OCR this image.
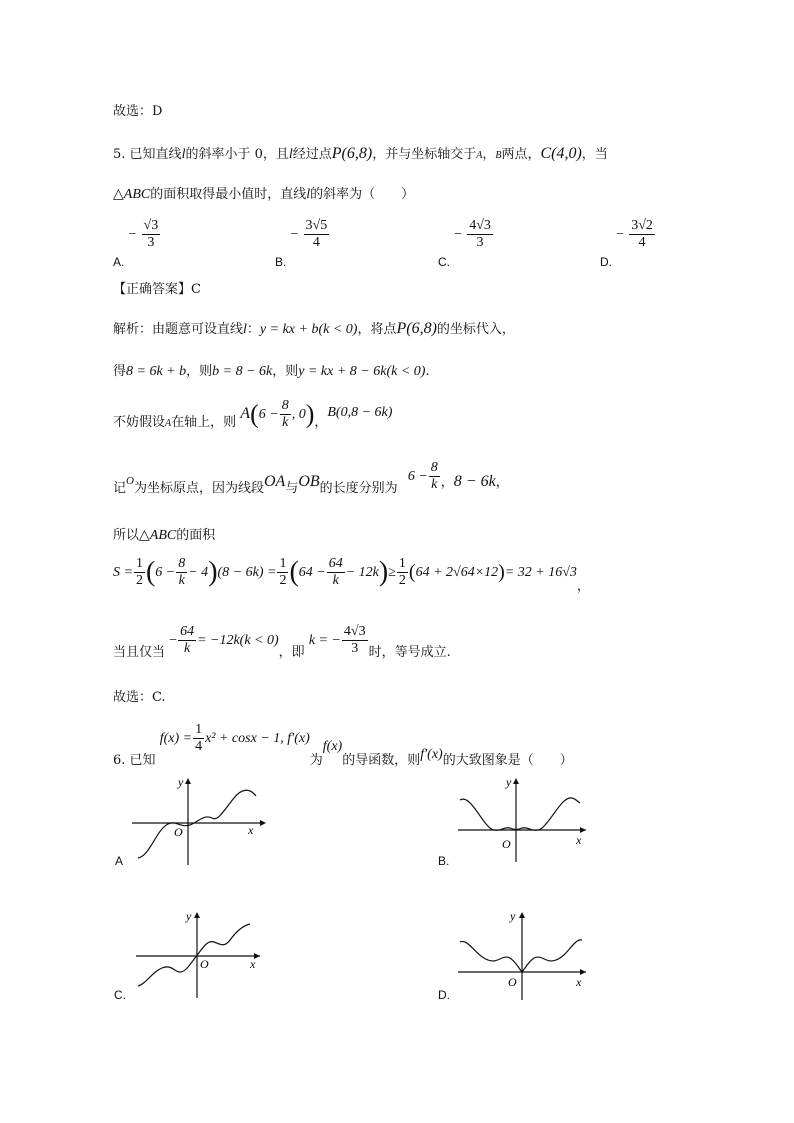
故选：D
5. 已知直线l的斜率小于 0，且l经过点P(6,8)，并与坐标轴交于A，B两点，C(4,0)，当
△ABC的面积取得最小值时，直线l的斜率为（　　）
A. − $\frac{√3}{3}$
B. − $\frac{3√5}{4}$
C. − $\frac{4√3}{3}$
D. − $\frac{3√2}{4}$
【正确答案】C
解析：由题意可设直线l：y = kx + b(k < 0)，将点P(6,8)的坐标代入，
得8 = 6k + b，则b = 8 − 6k，则y = kx + 8 − 6k(k < 0).
不妨假设$_A$在轴上，则 $A(6 - \frac{8}{k}$ , 0)，B(0,8 − 6k)
记$_O$为坐标原点，因为线段OA与OB的长度分别为 $6 - \frac{8}{k}$ ，8 − 6k，
所以△ABC的面积
$S = \frac{1}{2} (6 - \frac{8}{k} - 4)(8 - 6k) = \frac{1}{2} (64 - \frac{64}{k} - 12k)\ge \frac{1}{2} (64 + 2√64\times 12)= 32 + 16√3$，
当且仅当 − $\frac{64}{k} = -12k(k < 0)$，即 k = − $\frac{4√3}{3}$ 时，等号成立.
故选：C.
6. 已知 $f(x) = \frac{1}{4} x^2 + \cos x - 1$, f′(x)为f(x)的导函数，则f′(x)的大致图象是（　　）
y
x
O
A
y
x
O
B.
y
x
O
C.
y
x
O
D.
